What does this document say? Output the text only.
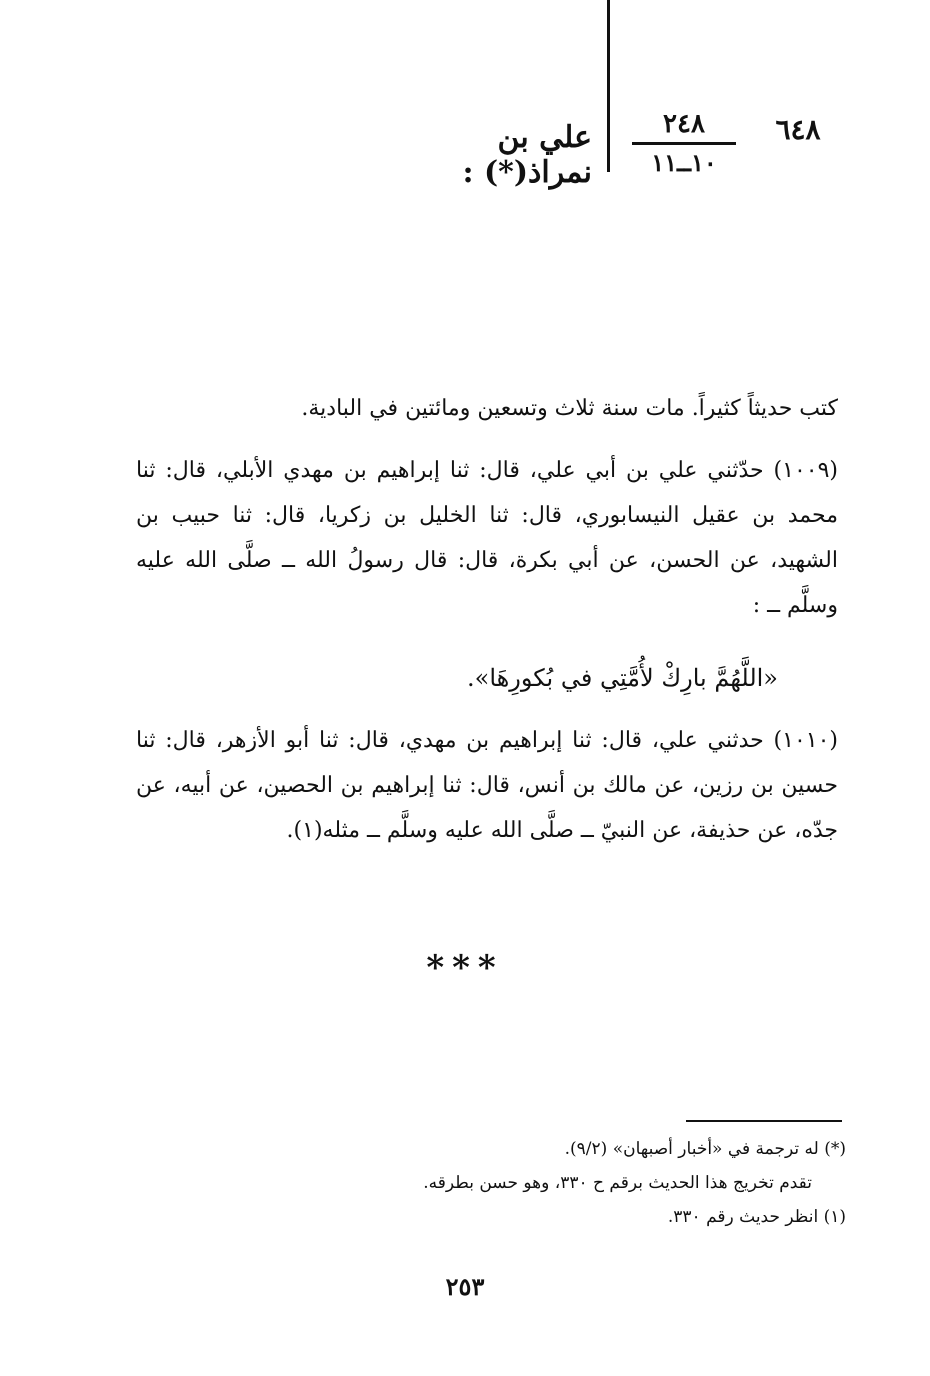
٦٤٨
٢٤٨
١٠ــ١١
علي بن نمراذ(*) :
كتب حديثاً كثيراً. مات سنة ثلاث وتسعين ومائتين في البادية.
(١٠٠٩) حدّثني علي بن أبي علي، قال: ثنا إبراهيم بن مهدي الأبلي، قال: ثنا محمد بن عقيل النيسابوري، قال: ثنا الخليل بن زكريا، قال: ثنا حبيب بن الشهيد، عن الحسن، عن أبي بكرة، قال: قال رسولُ الله ــ صلَّى الله عليه وسلَّم ــ :
«اللَّهُمَّ بارِكْ لأُمَّتِي في بُكورِهَا».
(١٠١٠) حدثني علي، قال: ثنا إبراهيم بن مهدي، قال: ثنا أبو الأزهر، قال: ثنا حسين بن رزين، عن مالك بن أنس، قال: ثنا إبراهيم بن الحصين، عن أبيه، عن جدّه، عن حذيفة، عن النبيّ ــ صلَّى الله عليه وسلَّم ــ مثله(١).
***
(*) له ترجمة في «أخبار أصبهان» (٩/٢).
تقدم تخريج هذا الحديث برقم ح ٣٣٠، وهو حسن بطرقه.
(١) انظر حديث رقم ٣٣٠.
٢٥٣
